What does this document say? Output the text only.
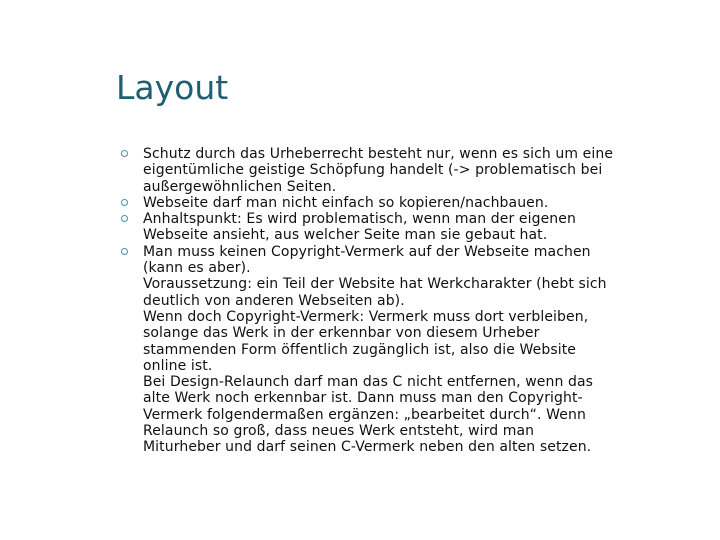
Layout
Schutz durch das Urheberrecht besteht nur, wenn es sich um eine
eigentümliche geistige Schöpfung handelt (-> problematisch bei
außergewöhnlichen Seiten.
Webseite darf man nicht einfach so kopieren/nachbauen.
Anhaltspunkt: Es wird problematisch, wenn man der eigenen
Webseite ansieht, aus welcher Seite man sie gebaut hat.
Man muss keinen Copyright-Vermerk auf der Webseite machen
(kann es aber).
Voraussetzung: ein Teil der Website hat Werkcharakter (hebt sich
deutlich von anderen Webseiten ab).
Wenn doch Copyright-Vermerk: Vermerk muss dort verbleiben,
solange das Werk in der erkennbar von diesem Urheber
stammenden Form öffentlich zugänglich ist, also die Website
online ist.
Bei Design-Relaunch darf man das C nicht entfernen, wenn das
alte Werk noch erkennbar ist. Dann muss man den Copyright-
Vermerk folgendermaßen ergänzen: „bearbeitet durch“. Wenn
Relaunch so groß, dass neues Werk entsteht, wird man
Miturheber und darf seinen C-Vermerk neben den alten setzen.
